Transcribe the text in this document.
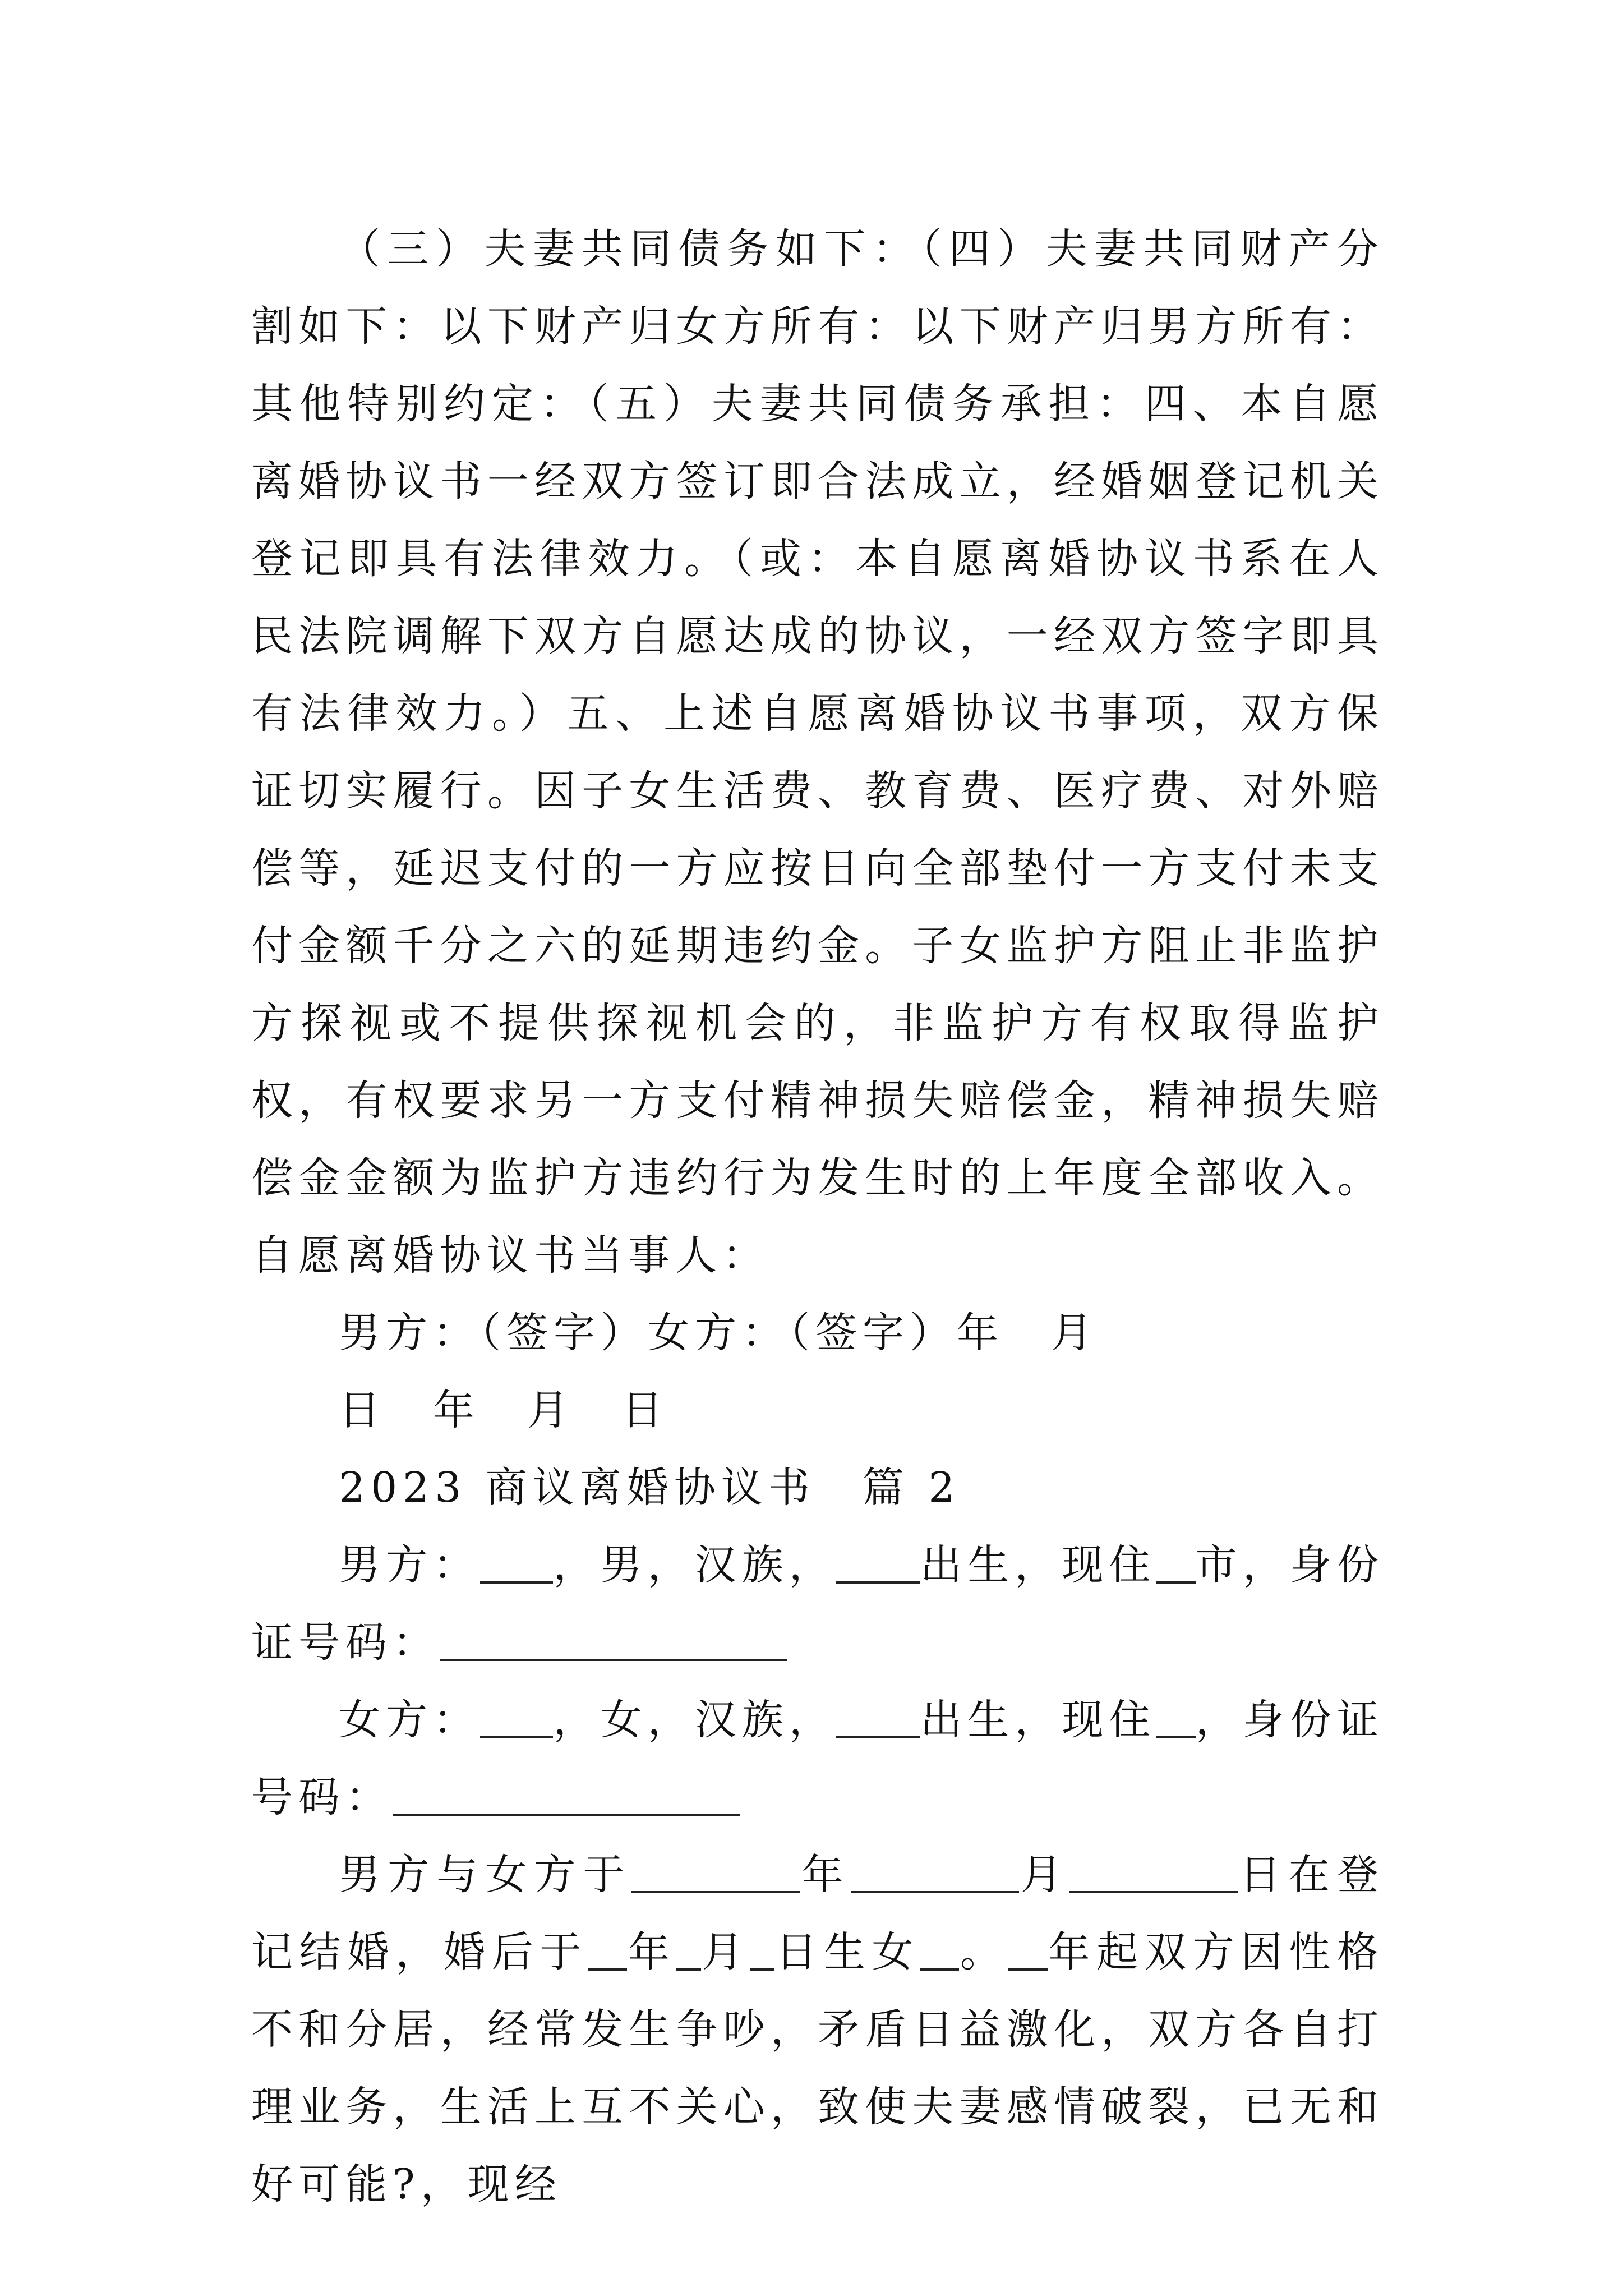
（三）夫妻共同债务如下：（四）夫妻共同财产分割如下：以下财产归女方所有：以下财产归男方所有：其他特别约定：（五）夫妻共同债务承担：四、本自愿离婚协议书一经双方签订即合法成立，经婚姻登记机关登记即具有法律效力。（或：本自愿离婚协议书系在人民法院调解下双方自愿达成的协议，一经双方签字即具有法律效力。）五、上述自愿离婚协议书事项，双方保证切实履行。因子女生活费、教育费、医疗费、对外赔偿等，延迟支付的一方应按日向全部垫付一方支付未支付金额千分之六的延期违约金。子女监护方阻止非监护方探视或不提供探视机会的，非监护方有权取得监护权，有权要求另一方支付精神损失赔偿金，精神损失赔偿金金额为监护方违约行为发生时的上年度全部收入。自愿离婚协议书当事人：

男方：（签字）女方：（签字）年　月

日　年　月　日

2023 商议离婚协议书　篇 2

男方： ，男，汉族， 出生，现住 市，身份证号码：

女方： ，女，汉族， 出生，现住 ，身份证号码：

男方与女方于	年	月	日在登记结婚，婚后于 年 月 日生女 。 年起双方因性格不和分居，经常发生争吵，矛盾日益激化，双方各自打理业务，生活上互不关心，致使夫妻感情破裂，已无和好可能?，现经
